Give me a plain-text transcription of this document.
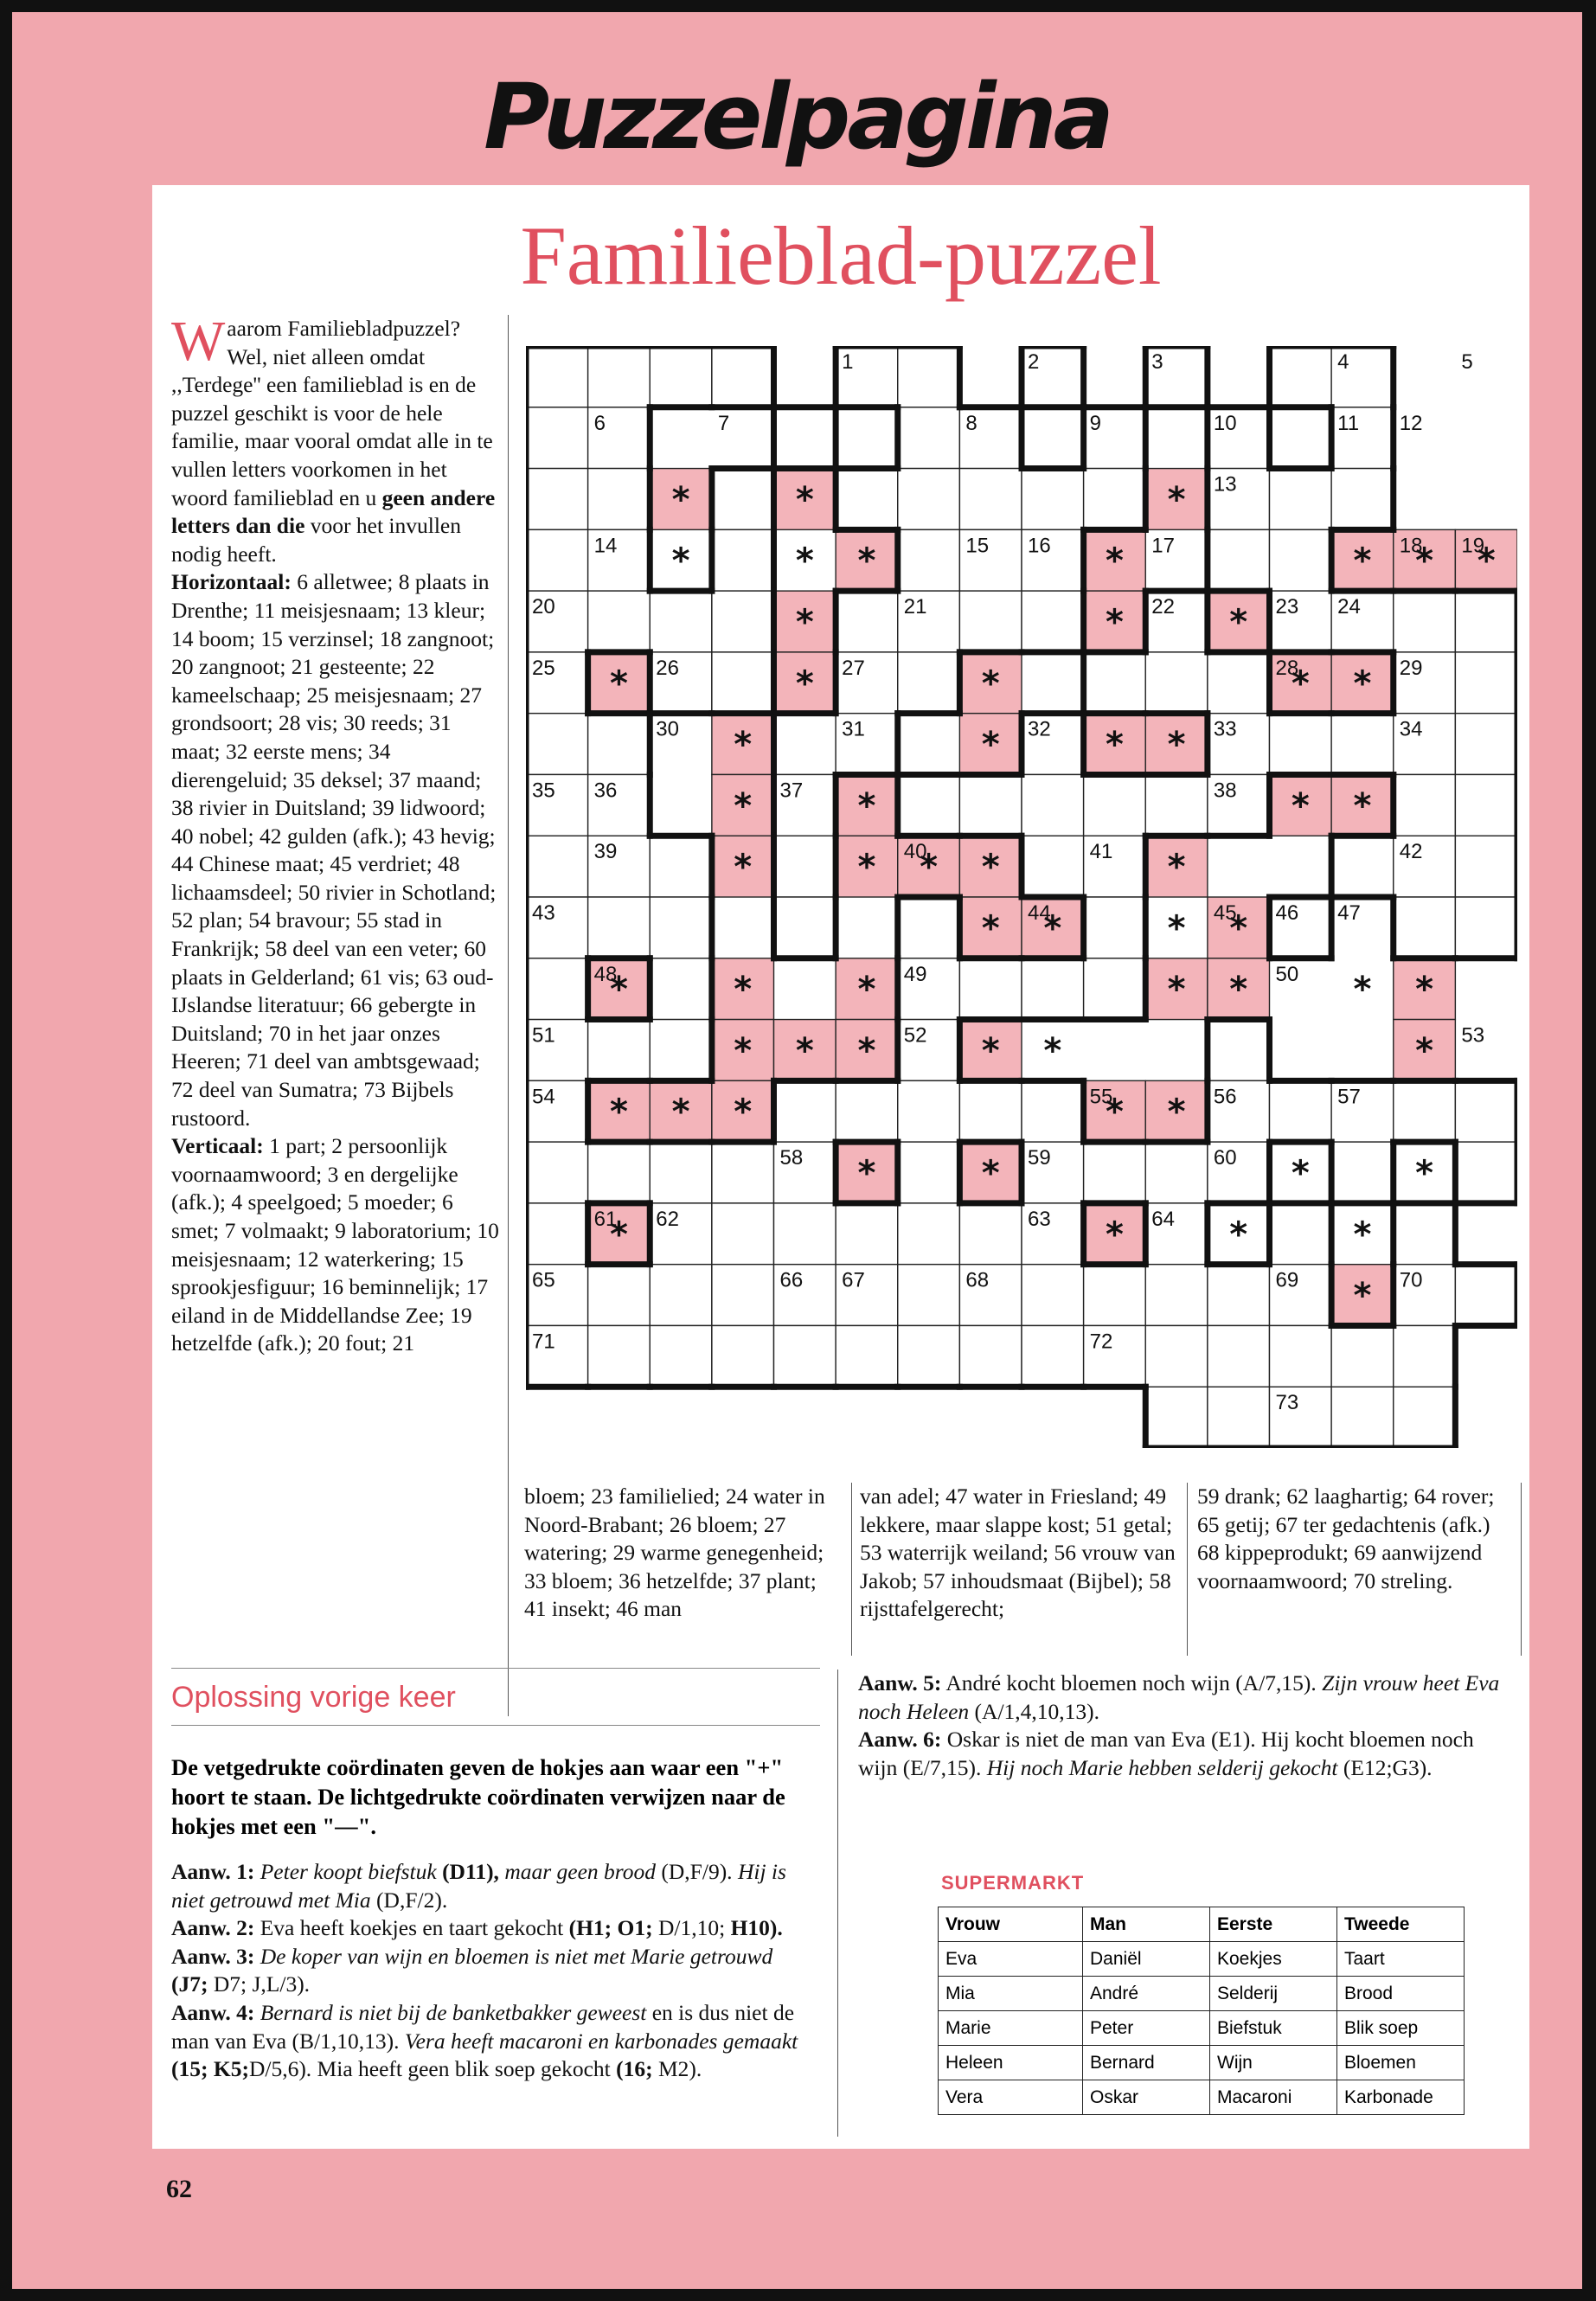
Puzzelpagina
Familieblad-puzzel
Waarom Familiebladpuzzel? Wel, niet alleen omdat ,,Terdege'' een familieblad is en de puzzel geschikt is voor de hele familie, maar vooral omdat alle in te vullen letters voorkomen in het woord familieblad en u geen andere letters dan die voor het invullen nodig heeft.
Horizontaal: 6 alletwee; 8 plaats in Drenthe; 11 meisjesnaam; 13 kleur; 14 boom; 15 verzinsel; 18 zangnoot; 20 zangnoot; 21 gesteente; 22 kameelschaap; 25 meisjesnaam; 27 grondsoort; 28 vis; 30 reeds; 31 maat; 32 eerste mens; 34 dierengeluid; 35 deksel; 37 maand; 38 rivier in Duitsland; 39 lidwoord; 40 nobel; 42 gulden (afk.); 43 hevig; 44 Chinese maat; 45 verdriet; 48 lichaamsdeel; 50 rivier in Schotland; 52 plan; 54 bravour; 55 stad in Frankrijk; 58 deel van een veter; 60 plaats in Gelderland; 61 vis; 63 oud-IJslandse literatuur; 66 gebergte in Duitsland; 70 in het jaar onzes Heeren; 71 deel van ambtsgewaad; 72 deel van Sumatra; 73 Bijbels rustoord.
Verticaal: 1 part; 2 persoonlijk voornaamwoord; 3 en dergelijke (afk.); 4 speelgoed; 5 moeder; 6 smet; 7 volmaakt; 9 laboratorium; 10 meisjesnaam; 12 waterkering; 15 sprookjesfiguur; 16 beminnelijk; 17 eiland in de Middellandse Zee; 19 hetzelfde (afk.); 20 fout; 21
*	*	*
*	* *	*	* * *
*	*	*
*	*	*	* *
*	*	* *
*	*	* *
*	* * *	*
* *	* *
*	*	*	* *	* *
* * *	* *	*
* * *	* *
*	*	*	*
*	*	*	*
*
1	2	3	4	5
6	7	8	9	10	11 12
13
14	15 16	17	18 19
20	21	22	23 24
25	26	27	28	29
30	31	32	33	34
35 36	37	38
39	40	41	42
43	44	45 46 47
48	49	50
51	52	53
54	55	56	57
58	59	60
61 62	63	64
65	66 67	68	69	70
71	72
73
bloem; 23 familielied; 24 water in Noord-Brabant; 26 bloem; 27 watering; 29 warme genegenheid; 33 bloem; 36 hetzelfde; 37 plant; 41 insekt; 46 man
van adel; 47 water in Friesland; 49 lekkere, maar slappe kost; 51 getal; 53 waterrijk weiland; 56 vrouw van Jakob; 57 inhoudsmaat (Bijbel); 58 rijsttafelgerecht;
59 drank; 62 laaghartig; 64 rover; 65 getij; 67 ter gedachtenis (afk.) 68 kippeprodukt; 69 aanwijzend voornaamwoord; 70 streling.
Oplossing vorige keer
De vetgedrukte coördinaten geven de hokjes aan waar een "+" hoort te staan. De lichtgedrukte coördinaten verwijzen naar de hokjes met een "—".

Aanw. 1: Peter koopt biefstuk (D11), maar geen brood (D,F/9). Hij is niet getrouwd met Mia (D,F/2).

Aanw. 2: Eva heeft koekjes en taart gekocht (H1; O1; D/1,10; H10).

Aanw. 3: De koper van wijn en bloemen is niet met Marie getrouwd (J7; D7; J,L/3).

Aanw. 4: Bernard is niet bij de banketbakker geweest en is dus niet de man van Eva (B/1,10,13). Vera heeft macaroni en karbonades gemaakt (15; K5;D/5,6). Mia heeft geen blik soep gekocht (16; M2).

Aanw. 5: André kocht bloemen noch wijn (A/7,15). Zijn vrouw heet Eva noch Heleen (A/1,4,10,13).

Aanw. 6: Oskar is niet de man van Eva (E1). Hij kocht bloemen noch wijn (E/7,15). Hij noch Marie hebben selderij gekocht (E12;G3).

SUPERMARKT
Vrouw	Man	Eerste	Tweede
Eva	Daniël	Koekjes	Taart
Mia	André	Selderij	Brood
Marie	Peter	Biefstuk	Blik soep
Heleen	Bernard	Wijn	Bloemen
Vera	Oskar	Macaroni	Karbonade
62
